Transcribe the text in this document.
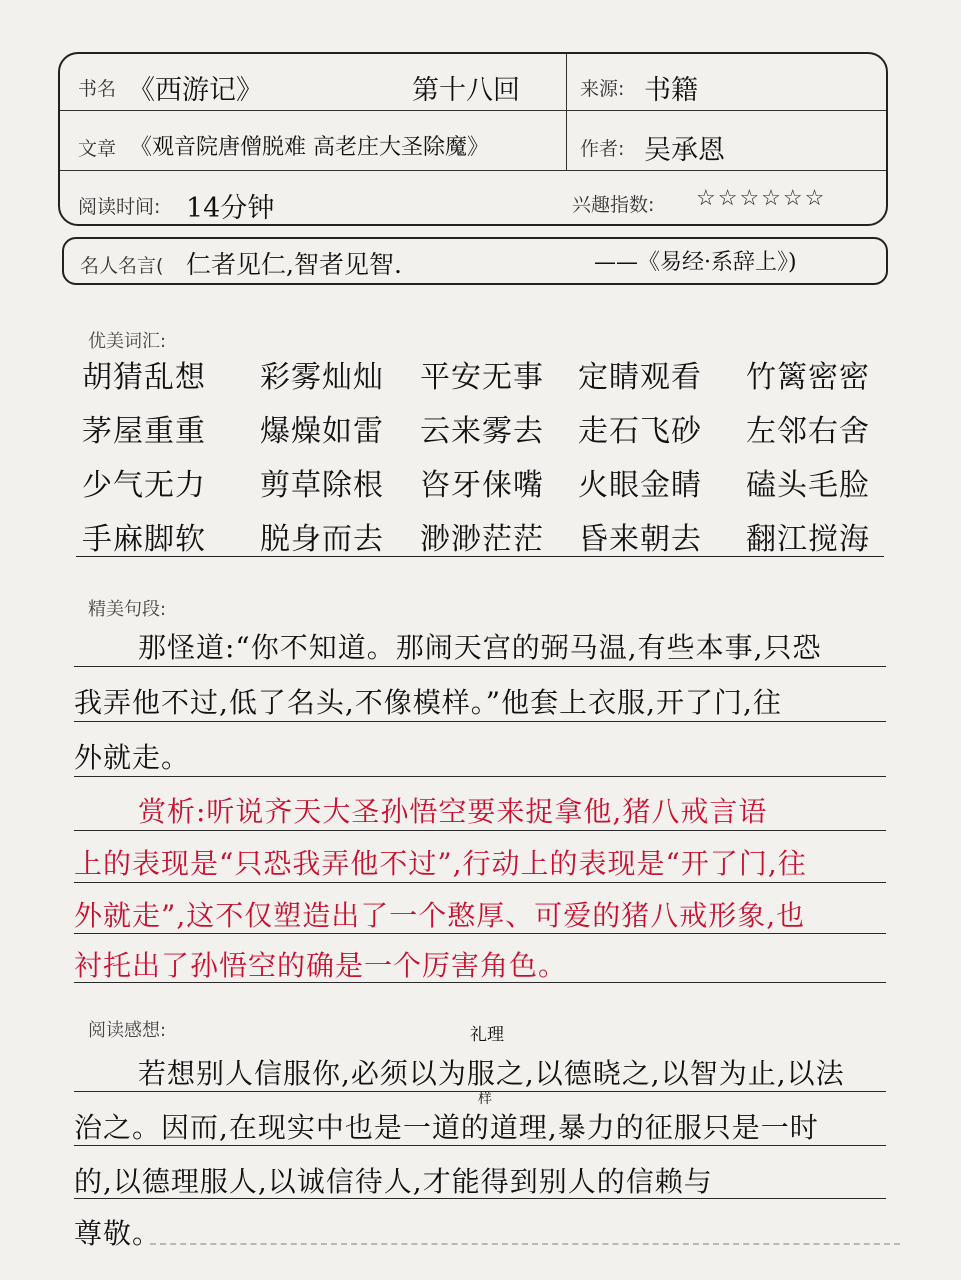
书名 《西游记》	第十八回	来源: 书籍
文章 《观音院唐僧脱难 高老庄大圣除魔》	作者: 吴承恩
阅读时间: 14分钟	兴趣指数: ☆☆☆☆☆☆
名人名言( 仁者见仁,智者见智.	——《易经·系辞上》)
优美词汇:
胡猜乱想 彩雾灿灿 平安无事 定睛观看 竹篱密密
茅屋重重 爆燥如雷 云来雾去 走石飞砂 左邻右舍
少气无力 剪草除根 咨牙俫嘴 火眼金睛 磕头毛脸
手麻脚软 脱身而去 渺渺茫茫 昏来朝去 翻江搅海
精美句段:
那怪道:“你不知道。那闹天宫的弼马温,有些本事,只恐
我弄他不过,低了名头,不像模样。”他套上衣服,开了门,往
外就走。
赏析:听说齐天大圣孙悟空要来捉拿他,猪八戒言语
上的表现是“只恐我弄他不过”,行动上的表现是“开了门,往
外就走”,这不仅塑造出了一个憨厚、可爱的猪八戒形象,也
衬托出了孙悟空的确是一个厉害角色。
阅读感想:	礼理
若想别人信服你,必须以为服之,以德晓之,以智为止,以法
样
治之。因而,在现实中也是一道的道理,暴力的征服只是一时
的,以德理服人,以诚信待人,才能得到别人的信赖与
尊敬。
